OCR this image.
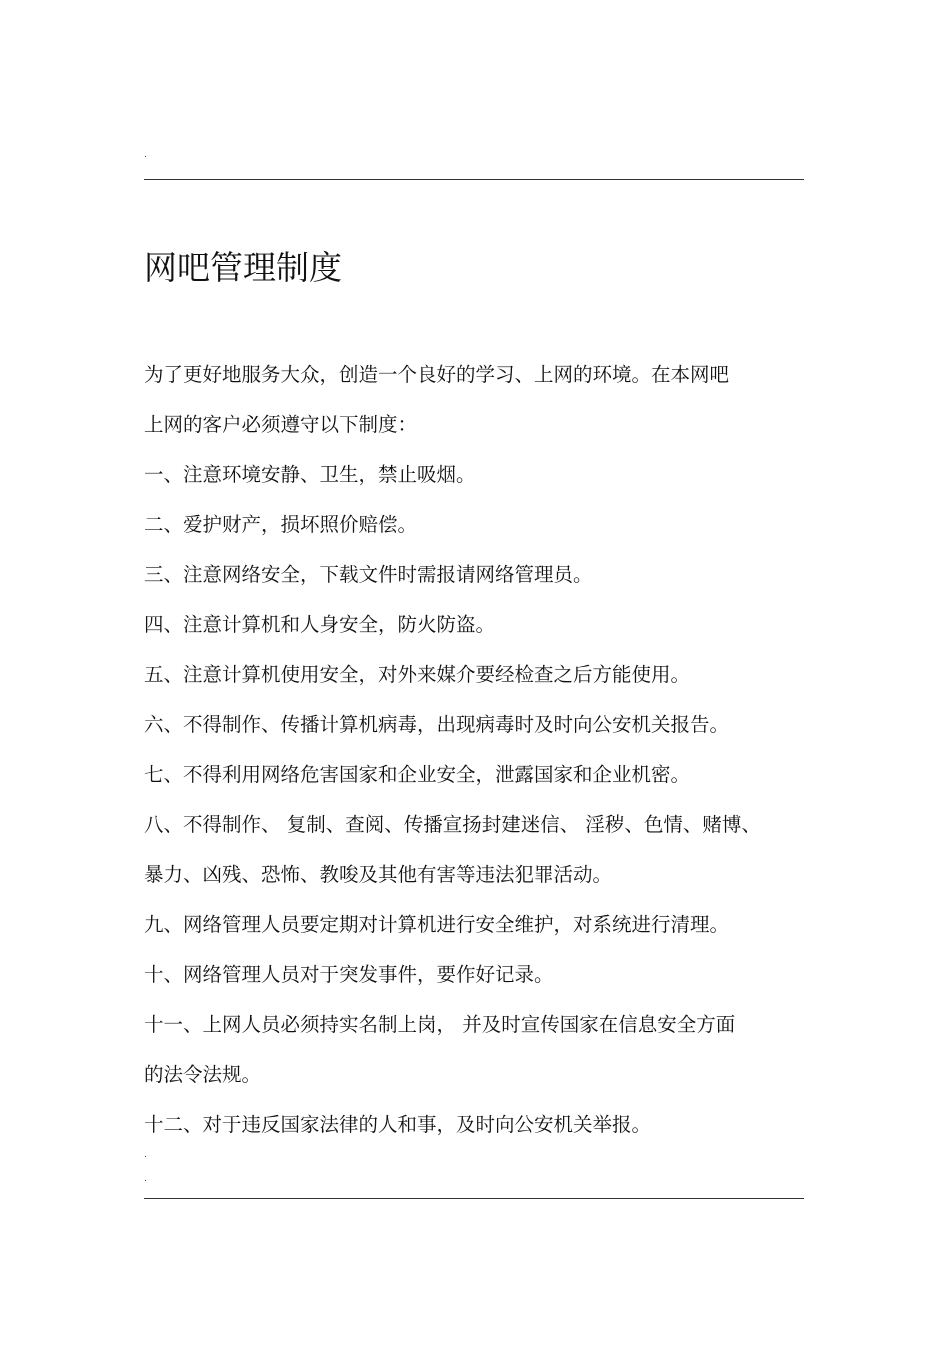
.
网吧管理制度
为了更好地服务大众，创造一个良好的学习、上网的环境。在本网吧
上网的客户必须遵守以下制度：
一、注意环境安静、卫生，禁止吸烟。
二、爱护财产，损坏照价赔偿。
三、注意网络安全，下载文件时需报请网络管理员。
四、注意计算机和人身安全，防火防盗。
五、注意计算机使用安全，对外来媒介要经检查之后方能使用。
六、不得制作、传播计算机病毒，出现病毒时及时向公安机关报告。
七、不得利用网络危害国家和企业安全，泄露国家和企业机密。
八、不得制作、 复制、查阅、传播宣扬封建迷信、 淫秽、色情、赌博、
暴力、凶残、恐怖、教唆及其他有害等违法犯罪活动。
九、网络管理人员要定期对计算机进行安全维护，对系统进行清理。
十、网络管理人员对于突发事件，要作好记录。
十一、上网人员必须持实名制上岗， 并及时宣传国家在信息安全方面
的法令法规。
十二、对于违反国家法律的人和事，及时向公安机关举报。
.
.
